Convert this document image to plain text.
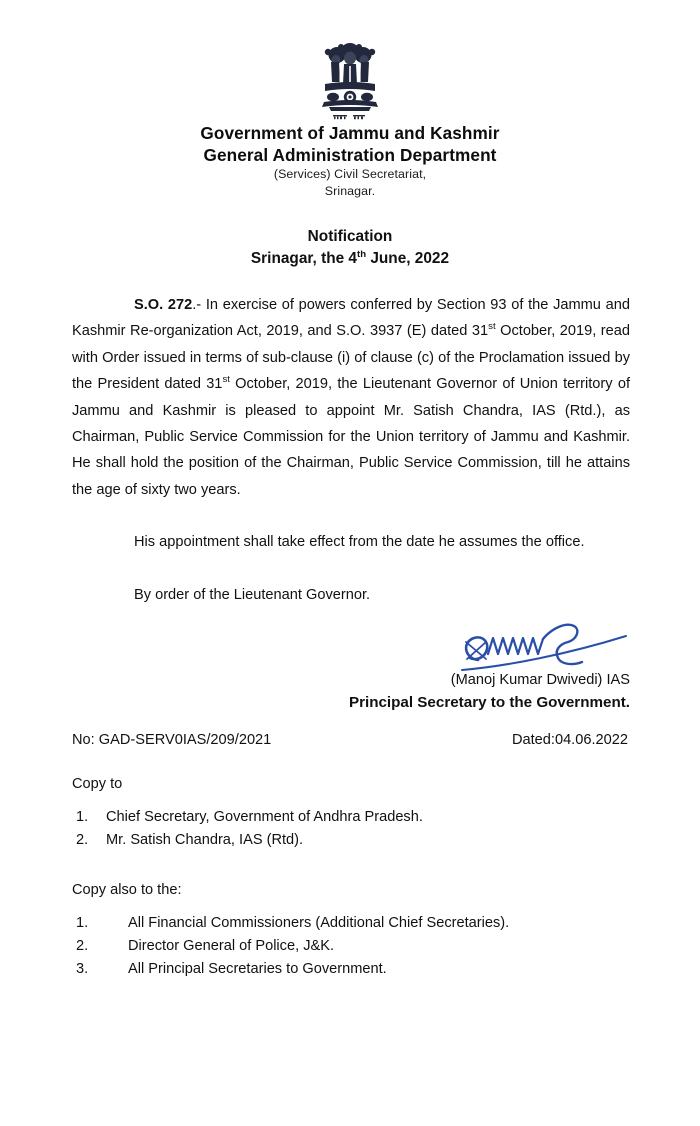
Government of Jammu and Kashmir
General Administration Department
(Services) Civil Secretariat,
Srinagar.
Notification
Srinagar, the 4th June, 2022

S.O. 272.- In exercise of powers conferred by Section 93 of the Jammu and Kashmir Re-organization Act, 2019, and S.O. 3937 (E) dated 31st October, 2019, read with Order issued in terms of sub-clause (i) of clause (c) of the Proclamation issued by the President dated 31st October, 2019, the Lieutenant Governor of Union territory of Jammu and Kashmir is pleased to appoint Mr. Satish Chandra, IAS (Rtd.), as Chairman, Public Service Commission for the Union territory of Jammu and Kashmir. He shall hold the position of the Chairman, Public Service Commission, till he attains the age of sixty two years.

His appointment shall take effect from the date he assumes the office.

By order of the Lieutenant Governor.

(Manoj Kumar Dwivedi) IAS
Principal Secretary to the Government.
No: GAD-SERV0IAS/209/2021	Dated:04.06.2022
Copy to
1.	Chief Secretary, Government of Andhra Pradesh.
2.	Mr. Satish Chandra, IAS (Rtd).
Copy also to the:
1.	All Financial Commissioners (Additional Chief Secretaries).
2.	Director General of Police, J&K.
3.	All Principal Secretaries to Government.
